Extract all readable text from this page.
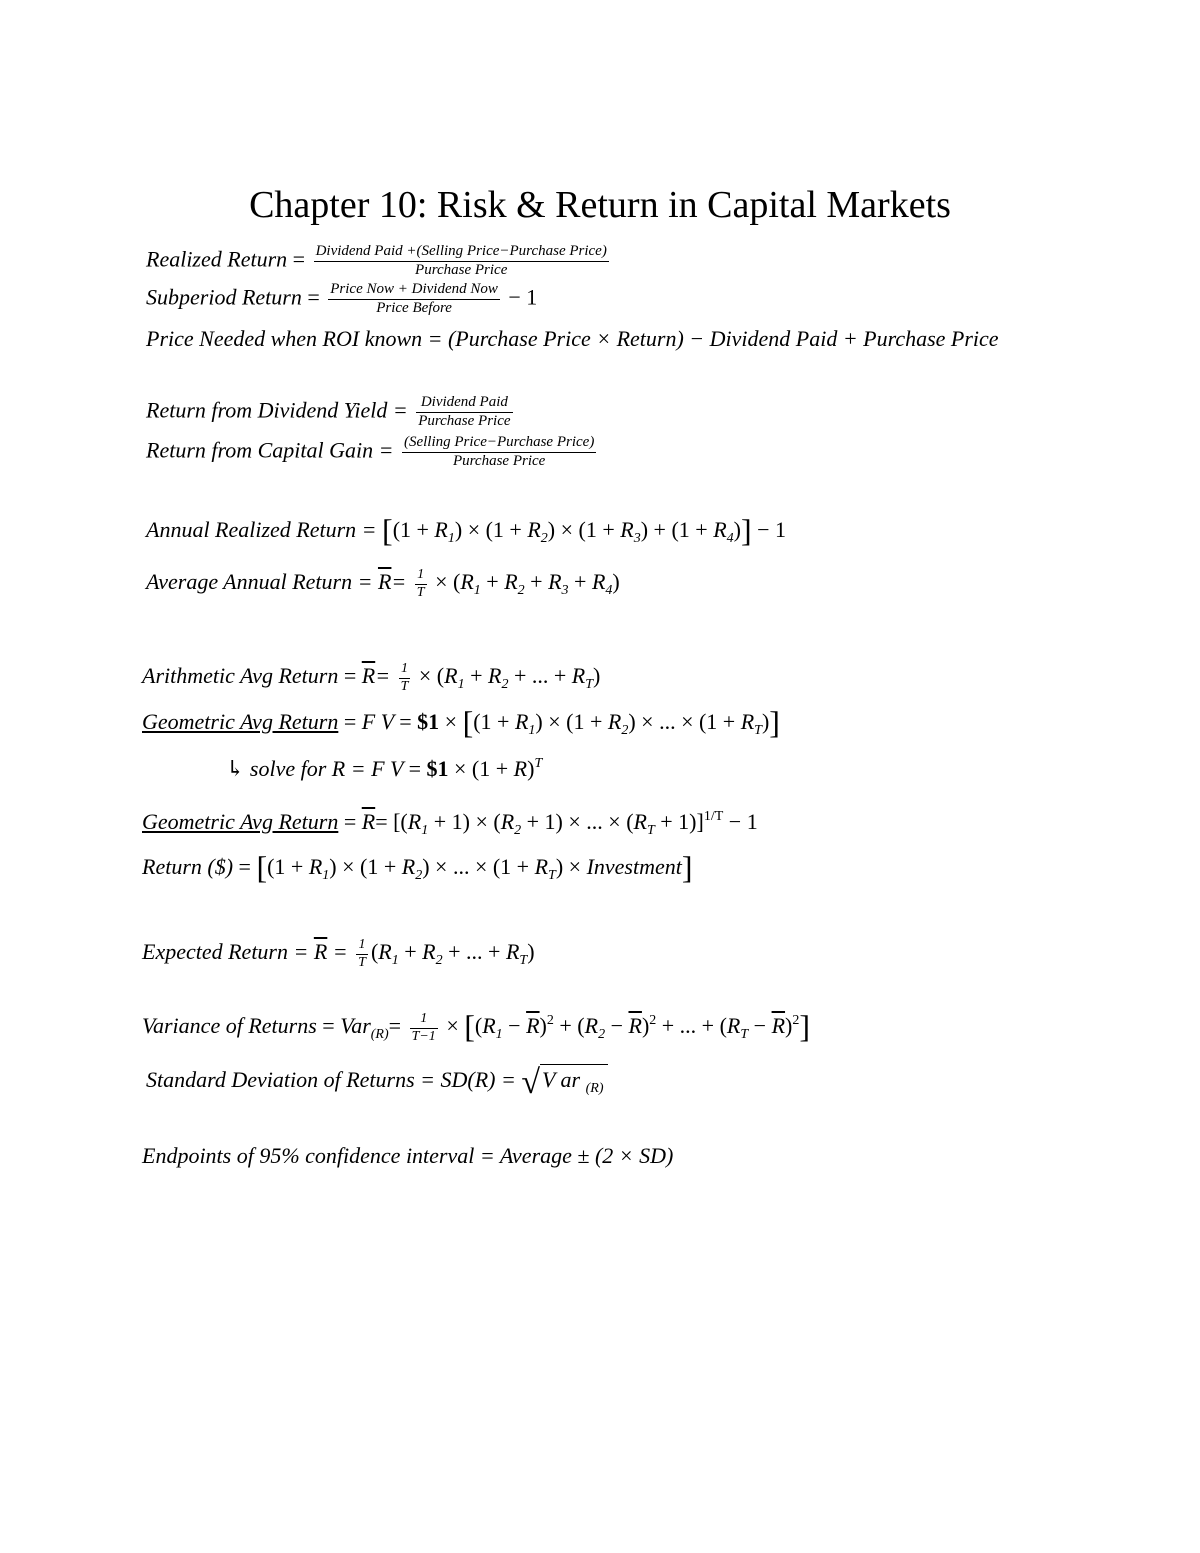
Chapter 10: Risk & Return in Capital Markets
Realized Return = $\frac{\text{Dividend Paid +(Selling Price−Purchase Price)}}{\text{Purchase Price}}$
Subperiod Return = $\frac{\text{Price Now + Dividend Now}}{\text{Price Before}} - 1$
Price Needed when ROI known = (Purchase Price × Return) − Dividend Paid + Purchase Price
Return from Dividend Yield = $\frac{\text{Dividend Paid}}{\text{Purchase Price}}$
Return from Capital Gain = $\frac{\text{(Selling Price−Purchase Price)}}{\text{Purchase Price}}$
Annual Realized Return = $[(1 + R_1) \times (1 + R_2) \times (1 + R_3) + (1 + R_4)] - 1$
Average Annual Return = $\overline{R}= \frac{1}{T} \times (R_1 + R_2 + R_3 + R_4)$
Arithmetic Avg Return = $\overline{R}= \frac{1}{T} \times (R_1 + R_2$ + ... + $R_T$)
Geometric Avg Return = F V = $1 × [$(1 + R_1) \times (1 + R_2)$ × ... × $(1 + R_T)$]
↳ solve for R = F V = $1 × $(1 + R)^T$
Geometric Avg Return = $\overline{R}= [(R_1 + 1) \times (R_2 + 1)$ × ... × $(R_T + 1)]^{1/T} - 1$
Return ($) = [$(1 + R_1) \times (1 + R_2)$ × ... × $(1 + R_T)$ × Investment]
Expected Return = $\overline{R} = \frac{1}{T} (R_1 + R_2$ + ... + $R_T$)
Variance of Returns = $Var_{(R)}= \frac{1}{T-1} \times [(R_1 - \overline{R})^2 + (R_2 - \overline{R})^2$ + ... + $(R_T - \overline{R})^2$]
Standard Deviation of Returns = SD(R) = √V ar $_{(R)}$
Endpoints of 95% confidence interval = Average ± (2 × SD)
